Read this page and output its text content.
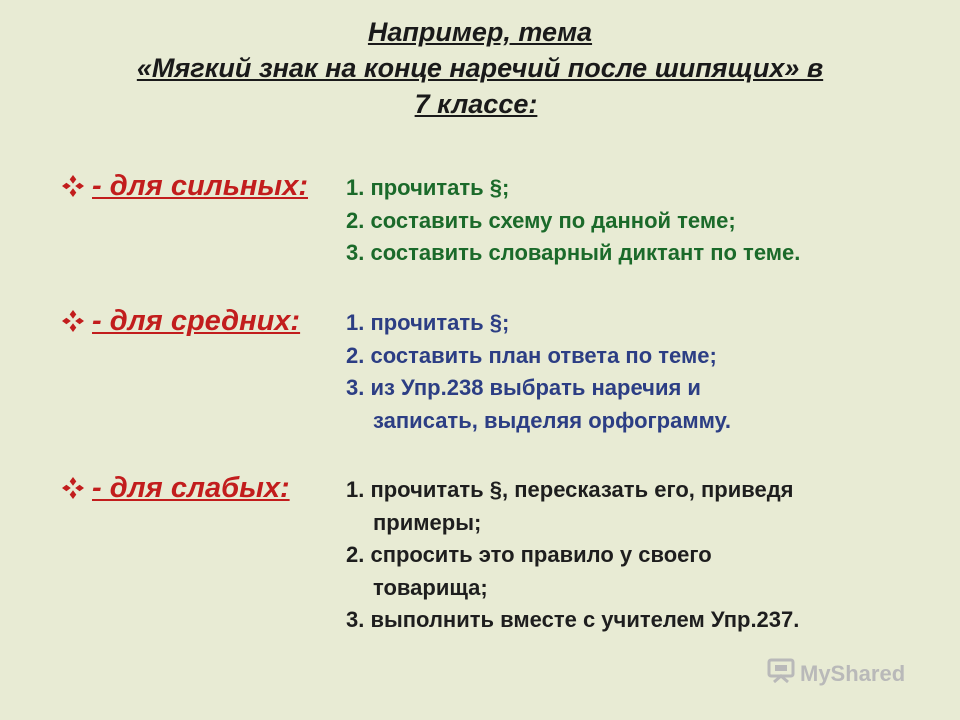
Например, тема
«Мягкий знак на конце наречий после шипящих» в
7 классе:
- для сильных: 1. прочитать §;
2. составить схему по данной теме;
3. составить словарный диктант по теме.
- для средних: 1. прочитать §;
2. составить план ответа по теме;
3. из Упр.238 выбрать наречия и
записать, выделяя орфограмму.
- для слабых:	1. прочитать §, пересказать его, приведя
примеры;
2. спросить это правило у своего
товарища;
3. выполнить вместе с учителем Упр.237.
MyShared
